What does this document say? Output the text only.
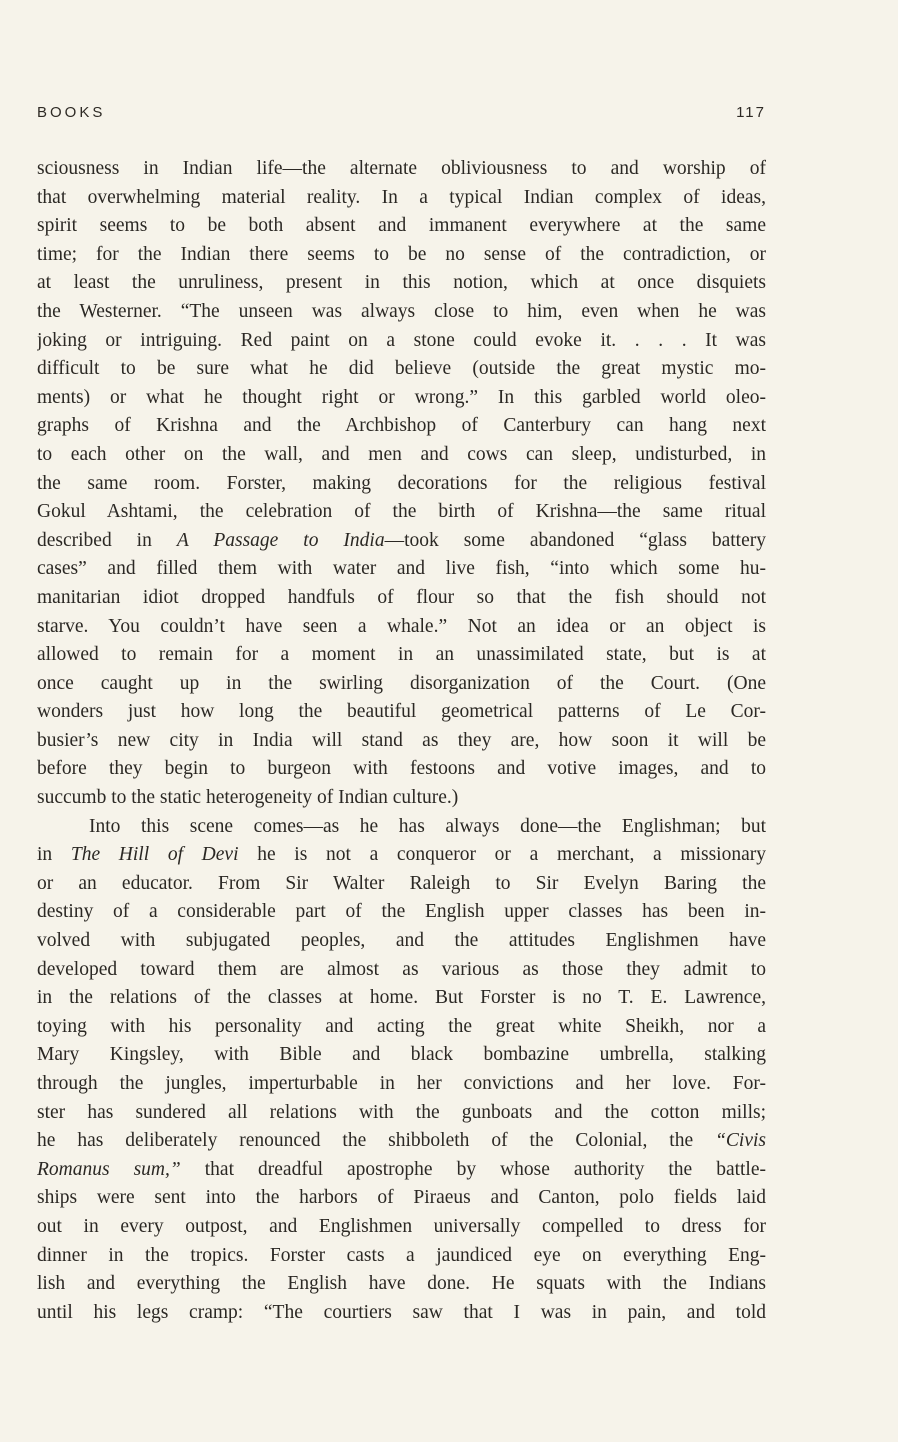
BOOKS	117
sciousness in Indian life—the alternate obliviousness to and worship of
that overwhelming material reality. In a typical Indian complex of ideas,
spirit seems to be both absent and immanent everywhere at the same
time; for the Indian there seems to be no sense of the contradiction, or
at least the unruliness, present in this notion, which at once disquiets
the Westerner. “The unseen was always close to him, even when he was
joking or intriguing. Red paint on a stone could evoke it. . . . It was
difficult to be sure what he did believe (outside the great mystic mo-
ments) or what he thought right or wrong.” In this garbled world oleo-
graphs of Krishna and the Archbishop of Canterbury can hang next
to each other on the wall, and men and cows can sleep, undisturbed, in
the same room. Forster, making decorations for the religious festival
Gokul Ashtami, the celebration of the birth of Krishna—the same ritual
described in A Passage to India—took some abandoned “glass battery
cases” and filled them with water and live fish, “into which some hu-
manitarian idiot dropped handfuls of flour so that the fish should not
starve. You couldn’t have seen a whale.” Not an idea or an object is
allowed to remain for a moment in an unassimilated state, but is at
once caught up in the swirling disorganization of the Court. (One
wonders just how long the beautiful geometrical patterns of Le Cor-
busier’s new city in India will stand as they are, how soon it will be
before they begin to burgeon with festoons and votive images, and to
succumb to the static heterogeneity of Indian culture.)
Into this scene comes—as he has always done—the Englishman; but
in The Hill of Devi he is not a conqueror or a merchant, a missionary
or an educator. From Sir Walter Raleigh to Sir Evelyn Baring the
destiny of a considerable part of the English upper classes has been in-
volved with subjugated peoples, and the attitudes Englishmen have
developed toward them are almost as various as those they admit to
in the relations of the classes at home. But Forster is no T. E. Lawrence,
toying with his personality and acting the great white Sheikh, nor a
Mary Kingsley, with Bible and black bombazine umbrella, stalking
through the jungles, imperturbable in her convictions and her love. For-
ster has sundered all relations with the gunboats and the cotton mills;
he has deliberately renounced the shibboleth of the Colonial, the “Civis
Romanus sum,” that dreadful apostrophe by whose authority the battle-
ships were sent into the harbors of Piraeus and Canton, polo fields laid
out in every outpost, and Englishmen universally compelled to dress for
dinner in the tropics. Forster casts a jaundiced eye on everything Eng-
lish and everything the English have done. He squats with the Indians
until his legs cramp: “The courtiers saw that I was in pain, and told
